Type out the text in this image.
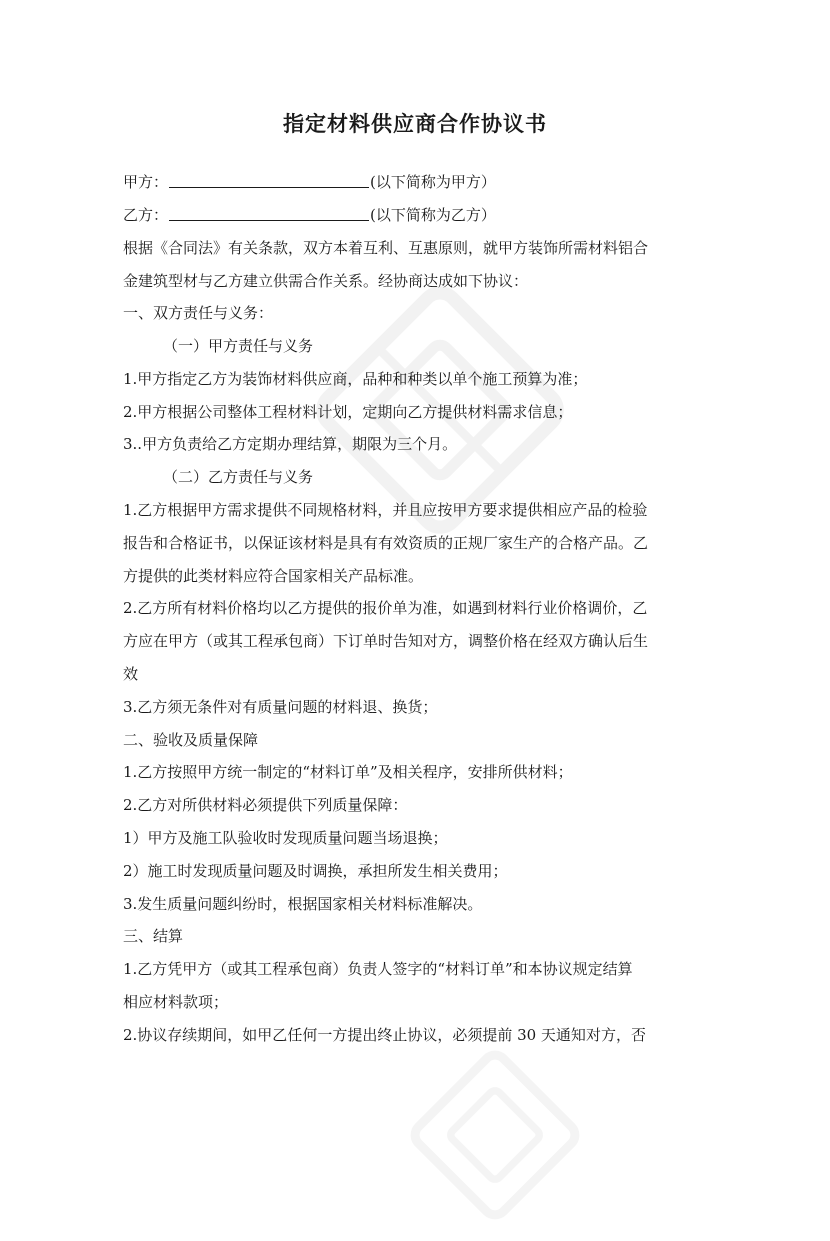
指定材料供应商合作协议书
甲方：	(以下简称为甲方）
乙方：	(以下简称为乙方）
根据《合同法》有关条款，双方本着互利、互惠原则，就甲方装饰所需材料铝合
金建筑型材与乙方建立供需合作关系。经协商达成如下协议：
一、双方责任与义务：
（一）甲方责任与义务
1.甲方指定乙方为装饰材料供应商，品种和种类以单个施工预算为准；
2.甲方根据公司整体工程材料计划，定期向乙方提供材料需求信息；
3..甲方负责给乙方定期办理结算，期限为三个月。
（二）乙方责任与义务
1.乙方根据甲方需求提供不同规格材料，并且应按甲方要求提供相应产品的检验
报告和合格证书，以保证该材料是具有有效资质的正规厂家生产的合格产品。乙
方提供的此类材料应符合国家相关产品标准。
2.乙方所有材料价格均以乙方提供的报价单为准，如遇到材料行业价格调价，乙
方应在甲方（或其工程承包商）下订单时告知对方，调整价格在经双方确认后生
效
3.乙方须无条件对有质量问题的材料退、换货；
二、验收及质量保障
1.乙方按照甲方统一制定的“材料订单”及相关程序，安排所供材料；
2.乙方对所供材料必须提供下列质量保障：
1）甲方及施工队验收时发现质量问题当场退换；
2）施工时发现质量问题及时调换，承担所发生相关费用；
3.发生质量问题纠纷时，根据国家相关材料标准解决。
三、结算
1.乙方凭甲方（或其工程承包商）负责人签字的“材料订单”和本协议规定结算
相应材料款项；
2.协议存续期间，如甲乙任何一方提出终止协议，必须提前 30 天通知对方，否
